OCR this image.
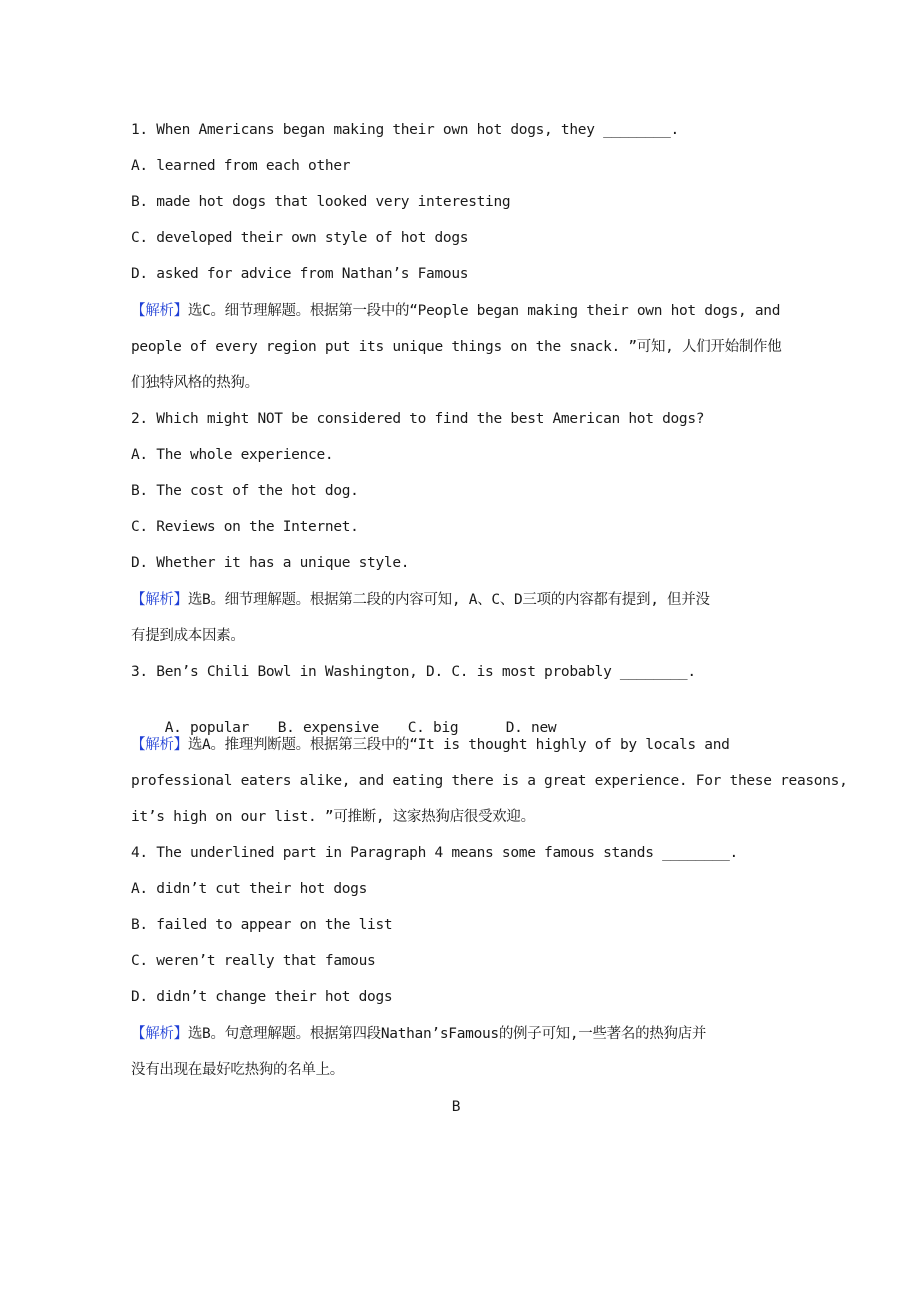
1. When Americans began making their own hot dogs, they ________.
A. learned from each other
B. made hot dogs that looked very interesting
C. developed their own style of hot dogs
D. asked for advice from Nathan’s Famous
【解析】选C。细节理解题。根据第一段中的“People began making their own hot dogs, and
people of every region put its unique things on the snack. ”可知, 人们开始制作他
们独特风格的热狗。
2. Which might NOT be considered to find the best American hot dogs?
A. The whole experience.
B. The cost of the hot dog.
C. Reviews on the Internet.
D. Whether it has a unique style.
【解析】选B。细节理解题。根据第二段的内容可知, A、C、D三项的内容都有提到, 但并没
有提到成本因素。
3. Ben’s Chili Bowl in Washington, D. C. is most probably ________.

A. popular B. expensive C. big	D. new

【解析】选A。推理判断题。根据第三段中的“It is thought highly of by locals and
professional eaters alike, and eating there is a great experience. For these reasons,
it’s high on our list. ”可推断, 这家热狗店很受欢迎。
4. The underlined part in Paragraph 4 means some famous stands ________.
A. didn’t cut their hot dogs
B. failed to appear on the list
C. weren’t really that famous
D. didn’t change their hot dogs
【解析】选B。句意理解题。根据第四段Nathan’sFamous的例子可知,一些著名的热狗店并
没有出现在最好吃热狗的名单上。
B
